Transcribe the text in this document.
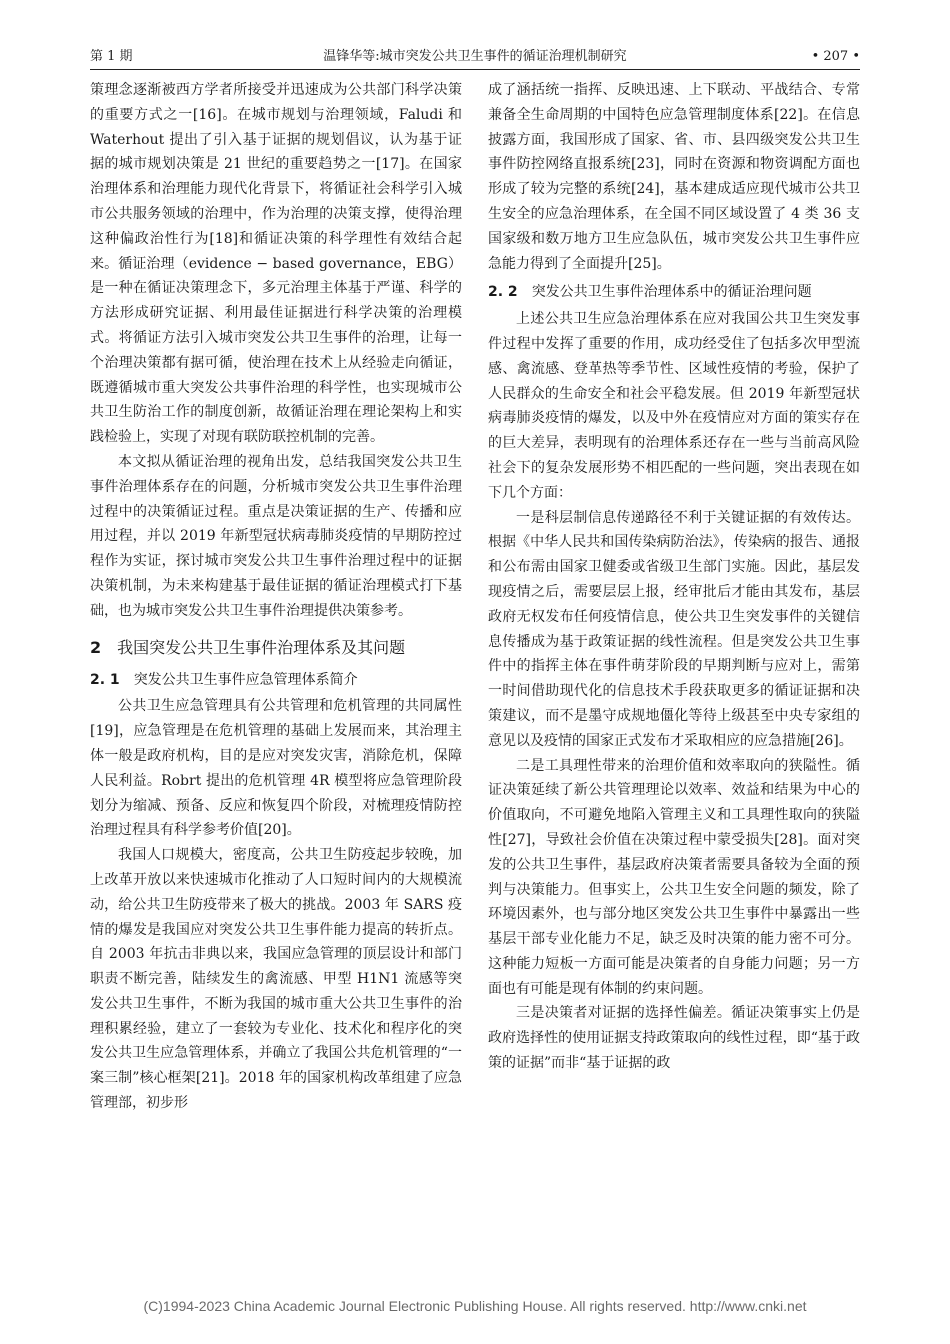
第 1 期	温锋华等:城市突发公共卫生事件的循证治理机制研究	• 207 •

策理念逐渐被西方学者所接受并迅速成为公共部门科学决策的重要方式之一[16]。在城市规划与治理领域，Faludi 和 Waterhout 提出了引入基于证据的规划倡议，认为基于证据的城市规划决策是 21 世纪的重要趋势之一[17]。在国家治理体系和治理能力现代化背景下，将循证社会科学引入城市公共服务领域的治理中，作为治理的决策支撑，使得治理这种偏政治性行为[18]和循证决策的科学理性有效结合起来。循证治理（evidence − based governance，EBG）是一种在循证决策理念下，多元治理主体基于严谨、科学的方法形成研究证据、利用最佳证据进行科学决策的治理模式。将循证方法引入城市突发公共卫生事件的治理，让每一个治理决策都有据可循，使治理在技术上从经验走向循证，既遵循城市重大突发公共事件治理的科学性，也实现城市公共卫生防治工作的制度创新，故循证治理在理论架构上和实践检验上，实现了对现有联防联控机制的完善。

本文拟从循证治理的视角出发，总结我国突发公共卫生事件治理体系存在的问题，分析城市突发公共卫生事件治理过程中的决策循证过程。重点是决策证据的生产、传播和应用过程，并以 2019 年新型冠状病毒肺炎疫情的早期防控过程作为实证，探讨城市突发公共卫生事件治理过程中的证据决策机制，为未来构建基于最佳证据的循证治理模式打下基础，也为城市突发公共卫生事件治理提供决策参考。

2 我国突发公共卫生事件治理体系及其问题
2. 1 突发公共卫生事件应急管理体系简介

公共卫生应急管理具有公共管理和危机管理的共同属性[19]，应急管理是在危机管理的基础上发展而来，其治理主体一般是政府机构，目的是应对突发灾害，消除危机，保障人民利益。Robrt 提出的危机管理 4R 模型将应急管理阶段划分为缩减、预备、反应和恢复四个阶段，对梳理疫情防控治理过程具有科学参考价值[20]。

我国人口规模大，密度高，公共卫生防疫起步较晚，加上改革开放以来快速城市化推动了人口短时间内的大规模流动，给公共卫生防疫带来了极大的挑战。2003 年 SARS 疫情的爆发是我国应对突发公共卫生事件能力提高的转折点。自 2003 年抗击非典以来，我国应急管理的顶层设计和部门职责不断完善，陆续发生的禽流感、甲型 H1N1 流感等突发公共卫生事件，不断为我国的城市重大公共卫生事件的治理积累经验，建立了一套较为专业化、技术化和程序化的突发公共卫生应急管理体系，并确立了我国公共危机管理的“一案三制”核心框架[21]。2018 年的国家机构改革组建了应急管理部，初步形

成了涵括统一指挥、反映迅速、上下联动、平战结合、专常兼备全生命周期的中国特色应急管理制度体系[22]。在信息披露方面，我国形成了国家、省、市、县四级突发公共卫生事件防控网络直报系统[23]，同时在资源和物资调配方面也形成了较为完整的系统[24]，基本建成适应现代城市公共卫生安全的应急治理体系，在全国不同区域设置了 4 类 36 支国家级和数万地方卫生应急队伍，城市突发公共卫生事件应急能力得到了全面提升[25]。

2. 2 突发公共卫生事件治理体系中的循证治理问题

上述公共卫生应急治理体系在应对我国公共卫生突发事件过程中发挥了重要的作用，成功经受住了包括多次甲型流感、禽流感、登革热等季节性、区域性疫情的考验，保护了人民群众的生命安全和社会平稳发展。但 2019 年新型冠状病毒肺炎疫情的爆发，以及中外在疫情应对方面的策实存在的巨大差异，表明现有的治理体系还存在一些与当前高风险社会下的复杂发展形势不相匹配的一些问题，突出表现在如下几个方面：

一是科层制信息传递路径不利于关键证据的有效传达。根据《中华人民共和国传染病防治法》，传染病的报告、通报和公布需由国家卫健委或省级卫生部门实施。因此，基层发现疫情之后，需要层层上报，经审批后才能由其发布，基层政府无权发布任何疫情信息，使公共卫生突发事件的关键信息传播成为基于政策证据的线性流程。但是突发公共卫生事件中的指挥主体在事件萌芽阶段的早期判断与应对上，需第一时间借助现代化的信息技术手段获取更多的循证证据和决策建议，而不是墨守成规地僵化等待上级甚至中央专家组的意见以及疫情的国家正式发布才采取相应的应急措施[26]。

二是工具理性带来的治理价值和效率取向的狭隘性。循证决策延续了新公共管理理论以效率、效益和结果为中心的价值取向，不可避免地陷入管理主义和工具理性取向的狭隘性[27]，导致社会价值在决策过程中蒙受损失[28]。面对突发的公共卫生事件，基层政府决策者需要具备较为全面的预判与决策能力。但事实上，公共卫生安全问题的频发，除了环境因素外，也与部分地区突发公共卫生事件中暴露出一些基层干部专业化能力不足，缺乏及时决策的能力密不可分。这种能力短板一方面可能是决策者的自身能力问题；另一方面也有可能是现有体制的约束问题。

三是决策者对证据的选择性偏差。循证决策事实上仍是政府选择性的使用证据支持政策取向的线性过程，即“基于政策的证据”而非“基于证据的政

(C)1994-2023 China Academic Journal Electronic Publishing House. All rights reserved. http://www.cnki.net
